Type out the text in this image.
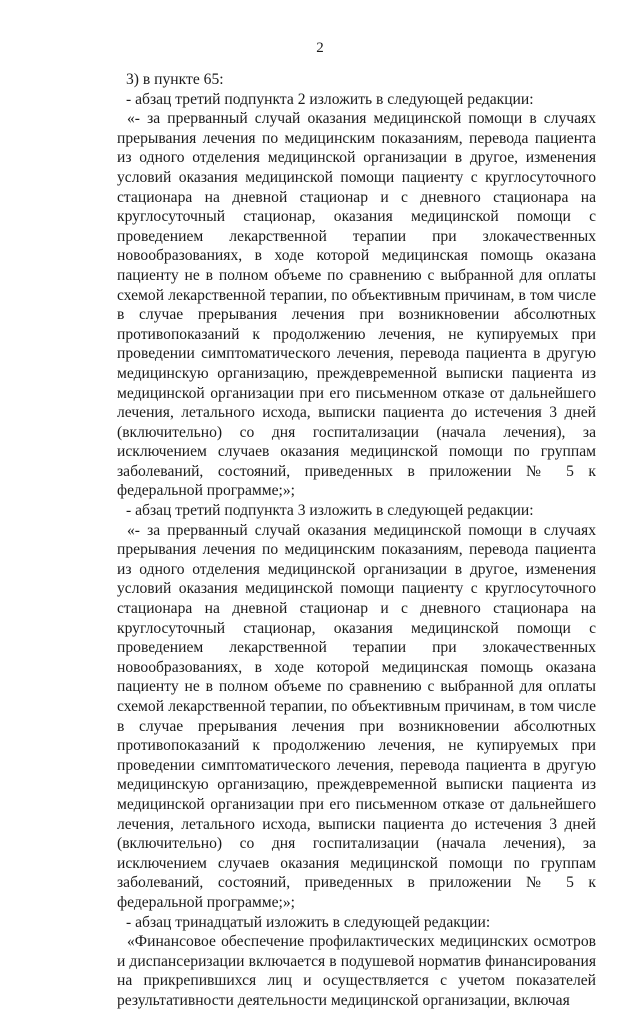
2

3) в пункте 65:

- абзац третий подпункта 2 изложить в следующей редакции:

«- за прерванный случай оказания медицинской помощи в случаях прерывания лечения по медицинским показаниям, перевода пациента из одного отделения медицинской организации в другое, изменения условий оказания медицинской помощи пациенту с круглосуточного стационара на дневной стационар и с дневного стационара на круглосуточный стационар, оказания медицинской помощи с проведением лекарственной терапии при злокачественных новообразованиях, в ходе которой медицинская помощь оказана пациенту не в полном объеме по сравнению с выбранной для оплаты схемой лекарственной терапии, по объективным причинам, в том числе в случае прерывания лечения при возникновении абсолютных противопоказаний к продолжению лечения, не купируемых при проведении симптоматического лечения, перевода пациента в другую медицинскую организацию, преждевременной выписки пациента из медицинской организации при его письменном отказе от дальнейшего лечения, летального исхода, выписки пациента до истечения 3 дней (включительно) со дня госпитализации (начала лечения), за исключением случаев оказания медицинской помощи по группам заболеваний, состояний, приведенных в приложении № 5 к федеральной программе;»;

- абзац третий подпункта 3 изложить в следующей редакции:

«- за прерванный случай оказания медицинской помощи в случаях прерывания лечения по медицинским показаниям, перевода пациента из одного отделения медицинской организации в другое, изменения условий оказания медицинской помощи пациенту с круглосуточного стационара на дневной стационар и с дневного стационара на круглосуточный стационар, оказания медицинской помощи с проведением лекарственной терапии при злокачественных новообразованиях, в ходе которой медицинская помощь оказана пациенту не в полном объеме по сравнению с выбранной для оплаты схемой лекарственной терапии, по объективным причинам, в том числе в случае прерывания лечения при возникновении абсолютных противопоказаний к продолжению лечения, не купируемых при проведении симптоматического лечения, перевода пациента в другую медицинскую организацию, преждевременной выписки пациента из медицинской организации при его письменном отказе от дальнейшего лечения, летального исхода, выписки пациента до истечения 3 дней (включительно) со дня госпитализации (начала лечения), за исключением случаев оказания медицинской помощи по группам заболеваний, состояний, приведенных в приложении № 5 к федеральной программе;»;

- абзац тринадцатый изложить в следующей редакции:

«Финансовое обеспечение профилактических медицинских осмотров и диспансеризации включается в подушевой норматив финансирования на прикрепившихся лиц и осуществляется с учетом показателей результативности деятельности медицинской организации, включая
